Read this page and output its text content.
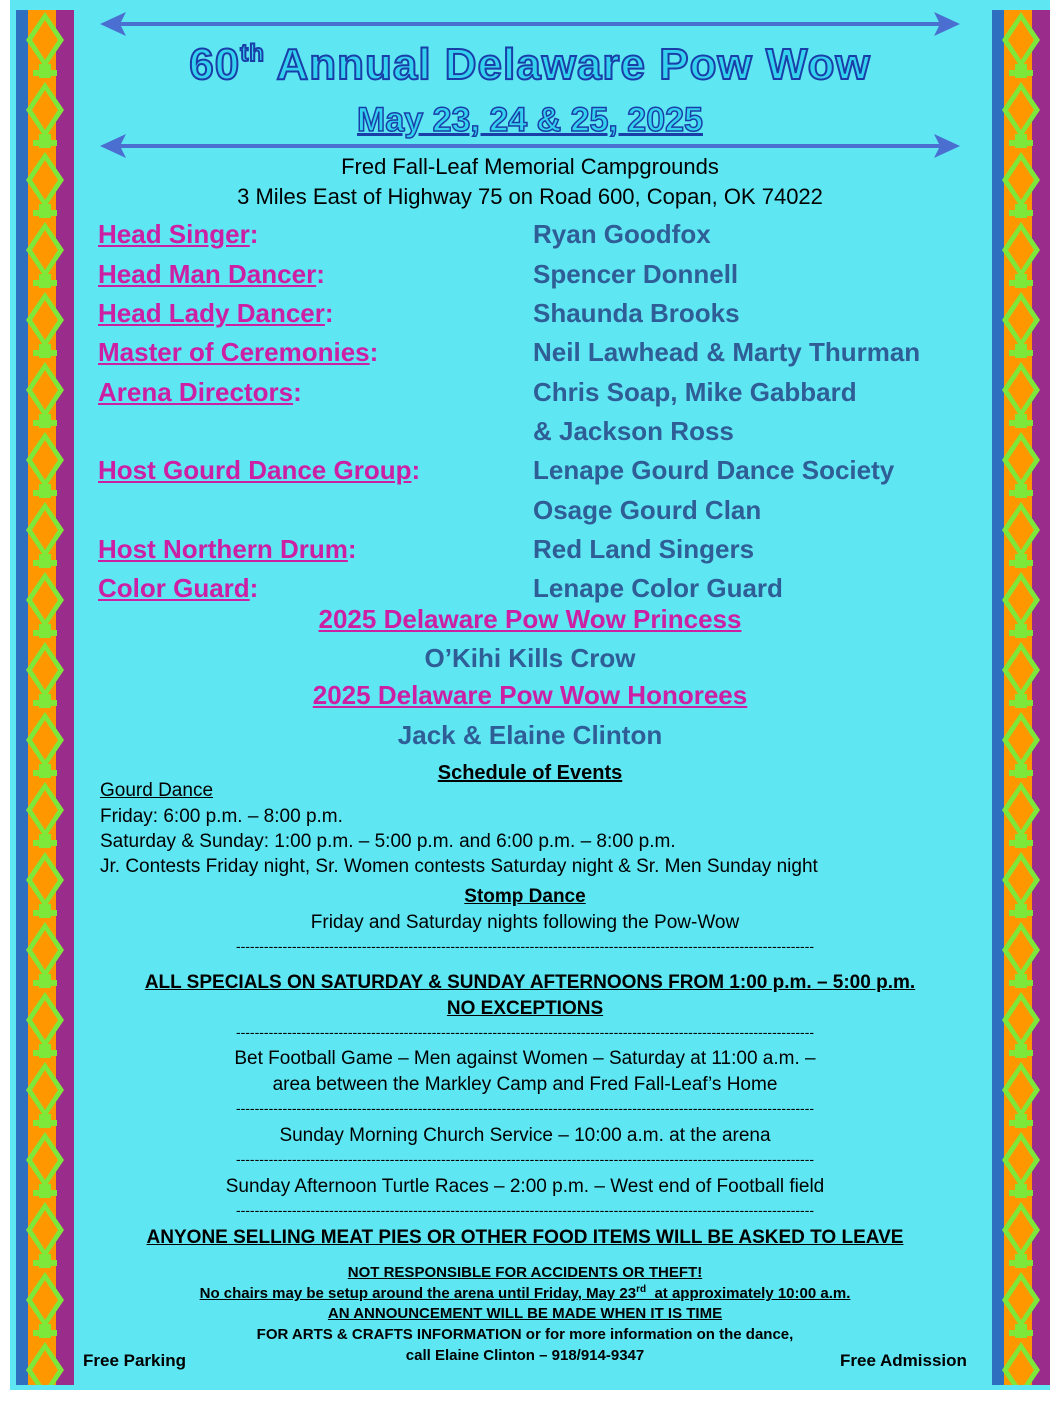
60th Annual Delaware Pow Wow
May 23, 24 & 25, 2025
Fred Fall-Leaf Memorial Campgrounds
3 Miles East of Highway 75 on Road 600, Copan, OK 74022
Head Singer:	Ryan Goodfox
Head Man Dancer:	Spencer Donnell
Head Lady Dancer:	Shaunda Brooks
Master of Ceremonies:	Neil Lawhead & Marty Thurman
Arena Directors:	Chris Soap, Mike Gabbard
& Jackson Ross
Host Gourd Dance Group:	Lenape Gourd Dance Society
Osage Gourd Clan
Host Northern Drum:	Red Land Singers
Color Guard:	Lenape Color Guard
2025 Delaware Pow Wow Princess
O’Kihi Kills Crow
2025 Delaware Pow Wow Honorees
Jack & Elaine Clinton
Schedule of Events
Gourd Dance
Friday: 6:00 p.m. – 8:00 p.m.
Saturday & Sunday: 1:00 p.m. – 5:00 p.m. and 6:00 p.m. – 8:00 p.m.
Jr. Contests Friday night, Sr. Women contests Saturday night & Sr. Men Sunday night
Stomp Dance
Friday and Saturday nights following the Pow-Wow
----------------------------------------------------------------------------------------------------------------------------
ALL SPECIALS ON SATURDAY & SUNDAY AFTERNOONS FROM 1:00 p.m. – 5:00 p.m.
NO EXCEPTIONS
----------------------------------------------------------------------------------------------------------------------------
Bet Football Game – Men against Women – Saturday at 11:00 a.m. –
area between the Markley Camp and Fred Fall-Leaf’s Home
----------------------------------------------------------------------------------------------------------------------------
Sunday Morning Church Service – 10:00 a.m. at the arena
----------------------------------------------------------------------------------------------------------------------------
Sunday Afternoon Turtle Races – 2:00 p.m. – West end of Football field
----------------------------------------------------------------------------------------------------------------------------
ANYONE SELLING MEAT PIES OR OTHER FOOD ITEMS WILL BE ASKED TO LEAVE
NOT RESPONSIBLE FOR ACCIDENTS OR THEFT!
No chairs may be setup around the arena until Friday, May 23rd  at approximately 10:00 a.m.
AN ANNOUNCEMENT WILL BE MADE WHEN IT IS TIME
FOR ARTS & CRAFTS INFORMATION or for more information on the dance,
call Elaine Clinton – 918/914-9347
Free Parking	Free Admission
